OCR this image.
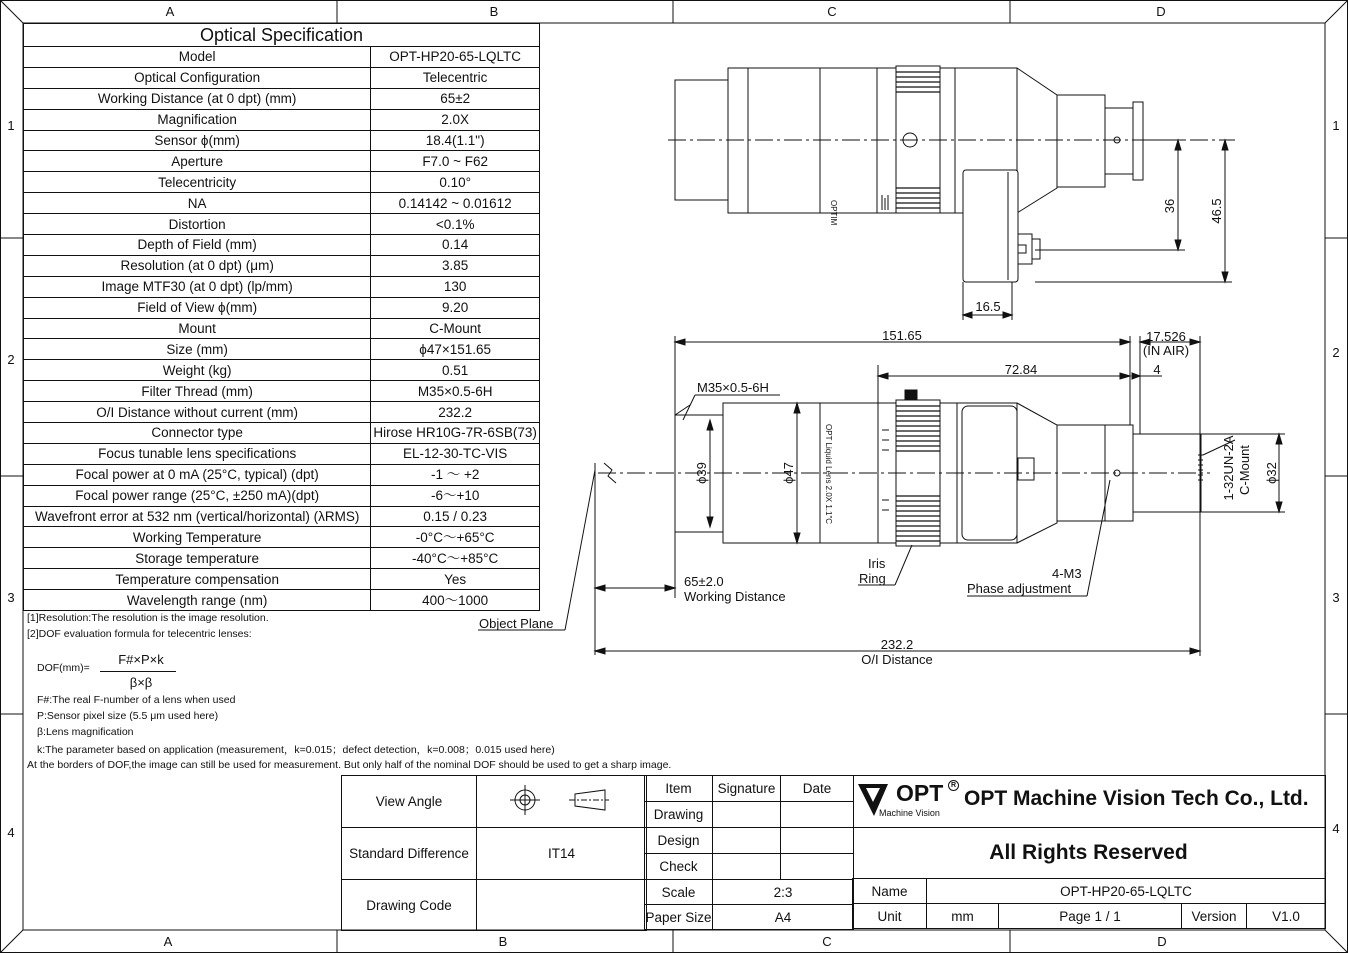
A	B	C	D
A	B	C	D
1
2
3
4
1
2
3
4
Optical Specification	
Model	OPT-HP20-65-LQLTC
Optical Configuration	Telecentric
Working Distance (at 0 dpt) (mm)	65±2
Magnification	2.0X
Sensor ϕ(mm)	18.4(1.1")
Aperture	F7.0 ~ F62
Telecentricity	0.10°
NA	0.14142 ~ 0.01612
Distortion	<0.1%
Depth of Field (mm)	0.14
Resolution (at 0 dpt) (μm)	3.85
Image MTF30 (at 0 dpt) (lp/mm)	130
Field of View ϕ(mm)	9.20
Mount	C-Mount
Size (mm)	ϕ47×151.65
Weight (kg)	0.51
Filter Thread (mm)	M35×0.5-6H
O/I Distance without current (mm)	232.2
Connector type	Hirose HR10G-7R-6SB(73)
Focus tunable lens specifications	EL-12-30-TC-VIS
Focal power at 0 mA (25°C, typical) (dpt)	-1 ～ +2
Focal power range (25°C, ±250 mA)(dpt)	-6～+10
Wavefront error at 532 nm (vertical/horizontal) (λRMS)	0.15 / 0.23
Working Temperature	-0°C～+65°C
Storage temperature	-40°C～+85°C
Temperature compensation	Yes
Wavelength range (nm)	400～1000
[1]Resolution:The resolution is the image resolution.
[2]DOF evaluation formula for telecentric lenses:
DOF(mm)=
F#×P×k
β×β
F#:The real F-number of a lens when used
P:Sensor pixel size (5.5 μm used here)
β:Lens magnification
k:The parameter based on application (measurement，k=0.015；defect detection，k=0.008；0.015 used here)
At the borders of DOF,the image can still be used for measurement. But only half of the nominal DOF should be used to get a sharp image.
OPTIM
OPT Liquid Lens 2.0X 1.1"C
36 46.5
16.5
151.65	17.526
(IN AIR)
72.84	4
M35×0.5-6H
ϕ39	ϕ47	ϕ32
1-32UN-2A C-Mount
65±2.0
Working Distance
Object Plane
Iris
Ring	4-M3
Phase adjustment
232.2
O/I Distance
View Angle	
Standard Difference	IT14
Drawing Code	
Item	Signature	Date
Drawing		
Design		
Check		
Scale	2:3	
Paper Size	A4	
OPT	R
Machine Vision
OPT Machine Vision Tech Co., Ltd.
All Rights Reserved
Name	OPT-HP20-65-LQLTC			
Unit	mm	Page 1 / 1	Version	V1.0
